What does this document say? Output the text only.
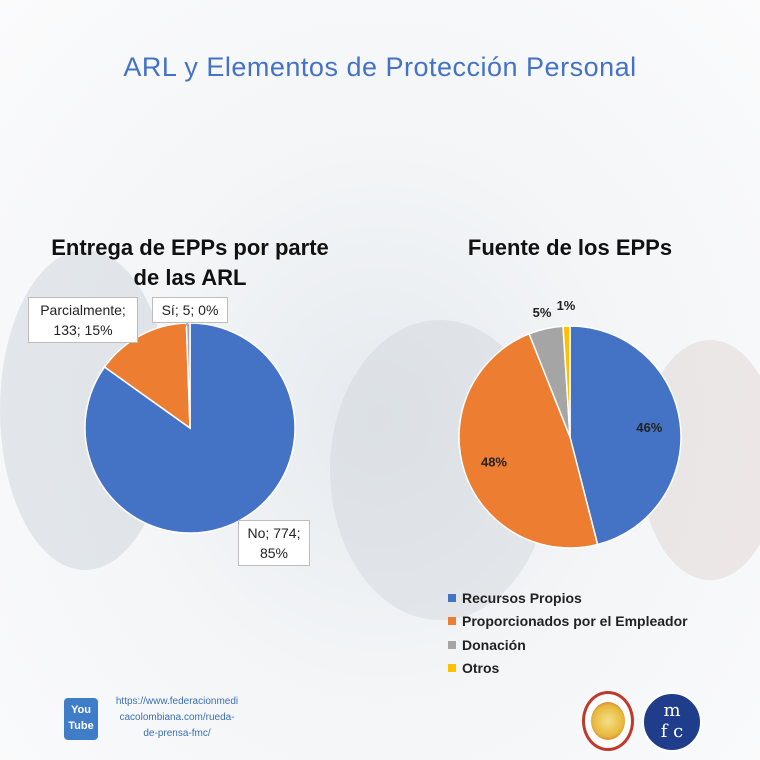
ARL y Elementos de Protección Personal
Entrega de EPPs por parte
de las ARL
Fuente de los EPPs
46%
48%
5% 1%
Parcialmente;
133; 15%
Sí; 5; 0%
No; 774;
85%
Recursos Propios
Proporcionados por el Empleador
Donación
Otros
You
Tube
https://www.federacionmedi
cacolombiana.com/rueda-
de-prensa-fmc/
m
f c
